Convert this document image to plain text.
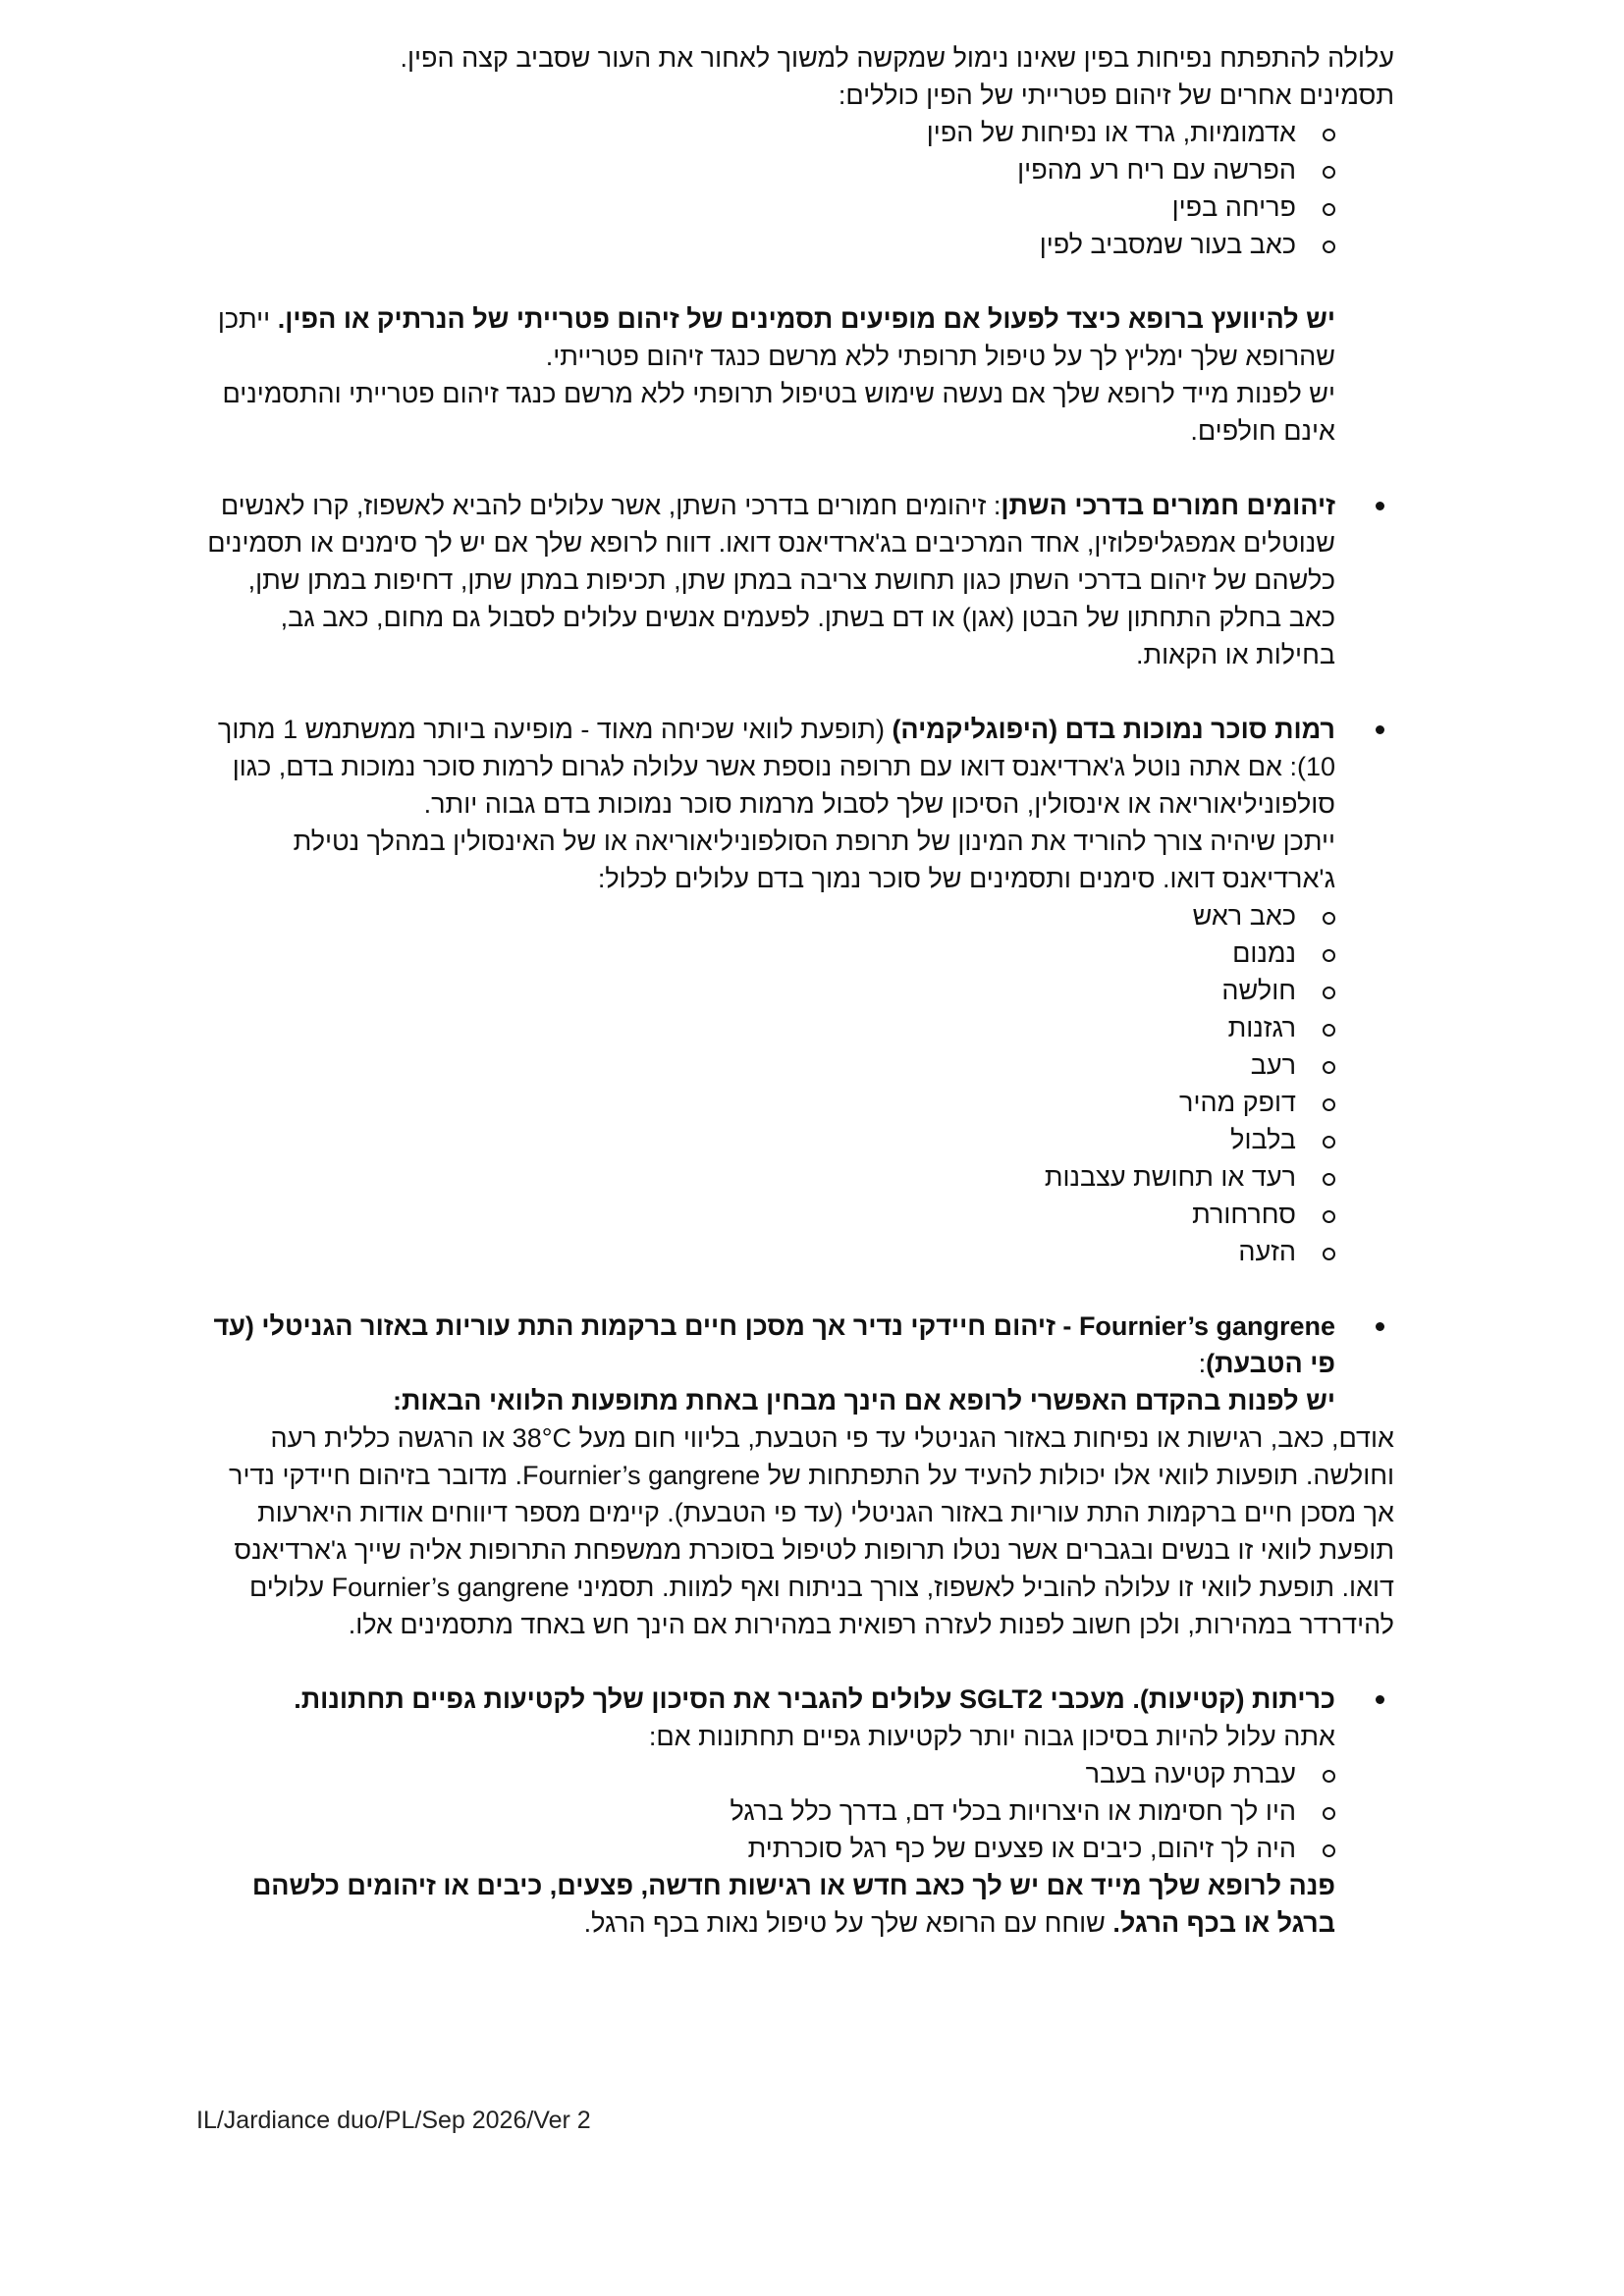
עלולה להתפתח נפיחות בפין שאינו נימול שמקשה למשוך לאחור את העור שסביב קצה הפין.

תסמינים אחרים של זיהום פטרייתי של הפין כוללים:

אדמומיות, גרד או נפיחות של הפין
הפרשה עם ריח רע מהפין
פריחה בפין
כאב בעור שמסביב לפין

יש להיוועץ ברופא כיצד לפעול אם מופיעים תסמינים של זיהום פטרייתי של הנרתיק או הפין. ייתכן שהרופא שלך ימליץ לך על טיפול תרופתי ללא מרשם כנגד זיהום פטרייתי.

יש לפנות מייד לרופא שלך אם נעשה שימוש בטיפול תרופתי ללא מרשם כנגד זיהום פטרייתי והתסמינים אינם חולפים.

זיהומים חמורים בדרכי השתן: זיהומים חמורים בדרכי השתן, אשר עלולים להביא לאשפוז, קרו לאנשים שנוטלים אמפגליפלוזין, אחד המרכיבים בג'ארדיאנס דואו. דווח לרופא שלך אם יש לך סימנים או תסמינים כלשהם של זיהום בדרכי השתן כגון תחושת צריבה במתן שתן, תכיפות במתן שתן, דחיפות במתן שתן, כאב בחלק התחתון של הבטן (אגן) או דם בשתן. לפעמים אנשים עלולים לסבול גם מחום, כאב גב, בחילות או הקאות.

רמות סוכר נמוכות בדם (היפוגליקמיה) (תופעת לוואי שכיחה מאוד - מופיעה ביותר ממשתמש 1 מתוך 10): אם אתה נוטל ג'ארדיאנס דואו עם תרופה נוספת אשר עלולה לגרום לרמות סוכר נמוכות בדם, כגון סולפוניליאוריאה או אינסולין, הסיכון שלך לסבול מרמות סוכר נמוכות בדם גבוה יותר.

ייתכן שיהיה צורך להוריד את המינון של תרופת הסולפוניליאוריאה או של האינסולין במהלך נטילת ג'ארדיאנס דואו. סימנים ותסמינים של סוכר נמוך בדם עלולים לכלול:

כאב ראש
נמנום
חולשה
רגזנות
רעב
דופק מהיר
בלבול
רעד או תחושת עצבנות
סחרחורת
הזעה

Fournier’s gangrene - זיהום חיידקי נדיר אך מסכן חיים ברקמות התת עוריות באזור הגניטלי (עד פי הטבעת):

יש לפנות בהקדם האפשרי לרופא אם הינך מבחין באחת מתופעות הלוואי הבאות:

אודם, כאב, רגישות או נפיחות באזור הגניטלי עד פי הטבעת, בליווי חום מעל 38°C או הרגשה כללית רעה וחולשה. תופעות לוואי אלו יכולות להעיד על התפתחות של Fournier’s gangrene. מדובר בזיהום חיידקי נדיר אך מסכן חיים ברקמות התת עוריות באזור הגניטלי (עד פי הטבעת). קיימים מספר דיווחים אודות היארעות תופעת לוואי זו בנשים ובגברים אשר נטלו תרופות לטיפול בסוכרת ממשפחת התרופות אליה שייך ג'ארדיאנס דואו. תופעת לוואי זו עלולה להוביל לאשפוז, צורך בניתוח ואף למוות. תסמיני Fournier’s gangrene עלולים להידרדר במהירות, ולכן חשוב לפנות לעזרה רפואית במהירות אם הינך חש באחד מתסמינים אלו.

כריתות (קטיעות). מעכבי SGLT2 עלולים להגביר את הסיכון שלך לקטיעות גפיים תחתונות.

אתה עלול להיות בסיכון גבוה יותר לקטיעות גפיים תחתונות אם:

עברת קטיעה בעבר
היו לך חסימות או היצרויות בכלי דם, בדרך כלל ברגל
היה לך זיהום, כיבים או פצעים של כף רגל סוכרתית

פנה לרופא שלך מייד אם יש לך כאב חדש או רגישות חדשה, פצעים, כיבים או זיהומים כלשהם ברגל או בכף הרגל. שוחח עם הרופא שלך על טיפול נאות בכף הרגל.

IL/Jardiance duo/PL/Sep 2026/Ver 2
